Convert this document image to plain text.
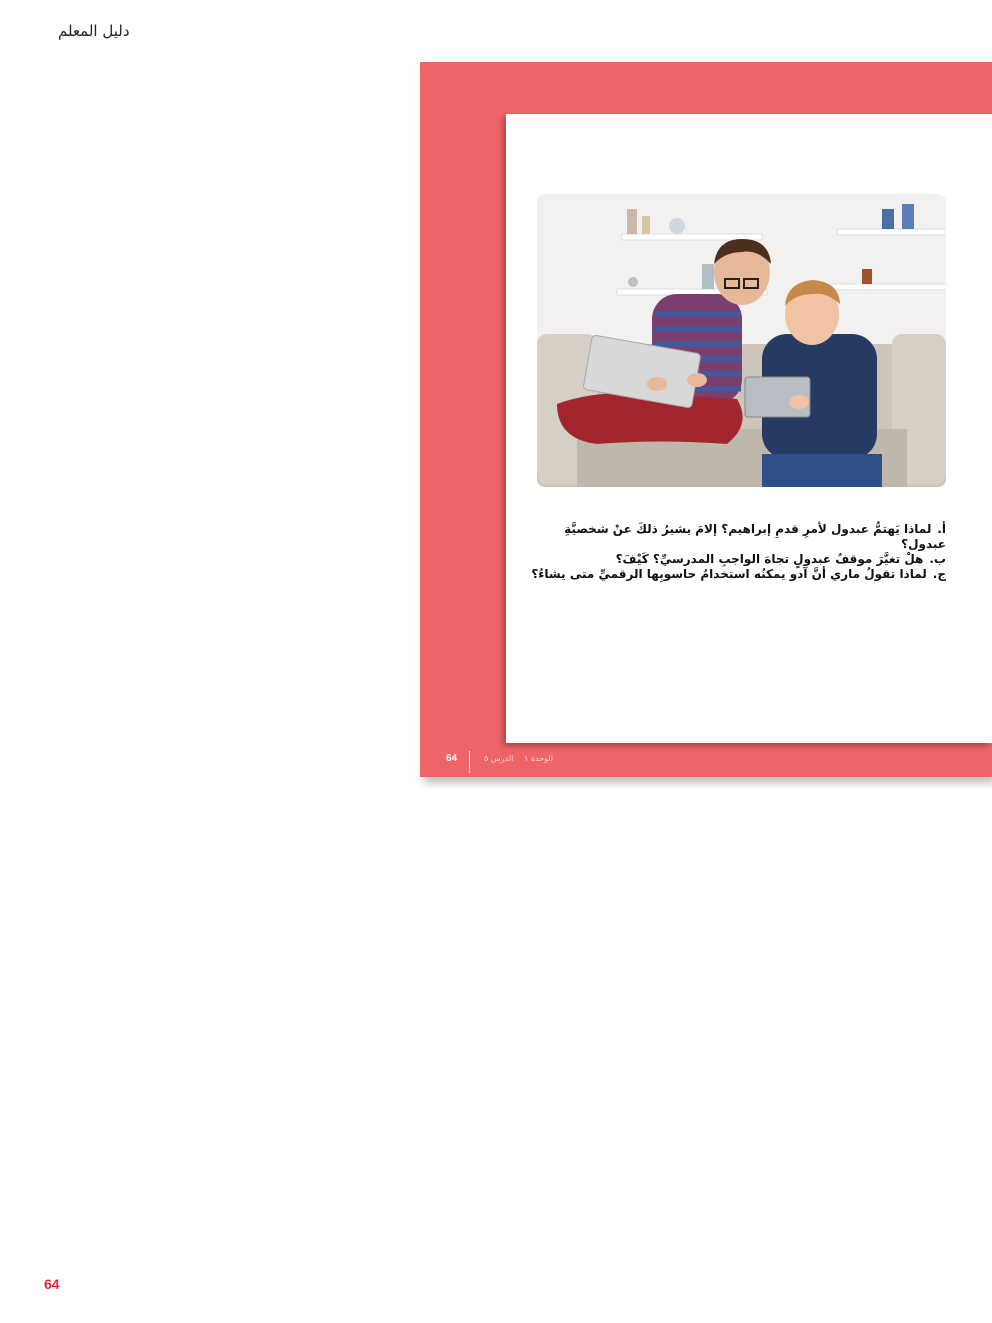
دليل المعلم

أ.لماذا يَهتمُّ عبدول لأمرِ قدمِ إبراهيم؟ إلامَ يشيرُ ذلكَ عنْ شخصيَّةِ عبدول؟

ب.هلْ تغيَّرَ موقفُ عبدولٍ تجاهَ الواجبِ المدرسيِّ؟ كَيْفَ؟

ج.لماذا تقولُ ماري أنَّ آدو يمكنُه استخدامُ حاسوبِها الرقميِّ متى يشاءُ؟

64	الدرس ٥ الوحدة ١
64
